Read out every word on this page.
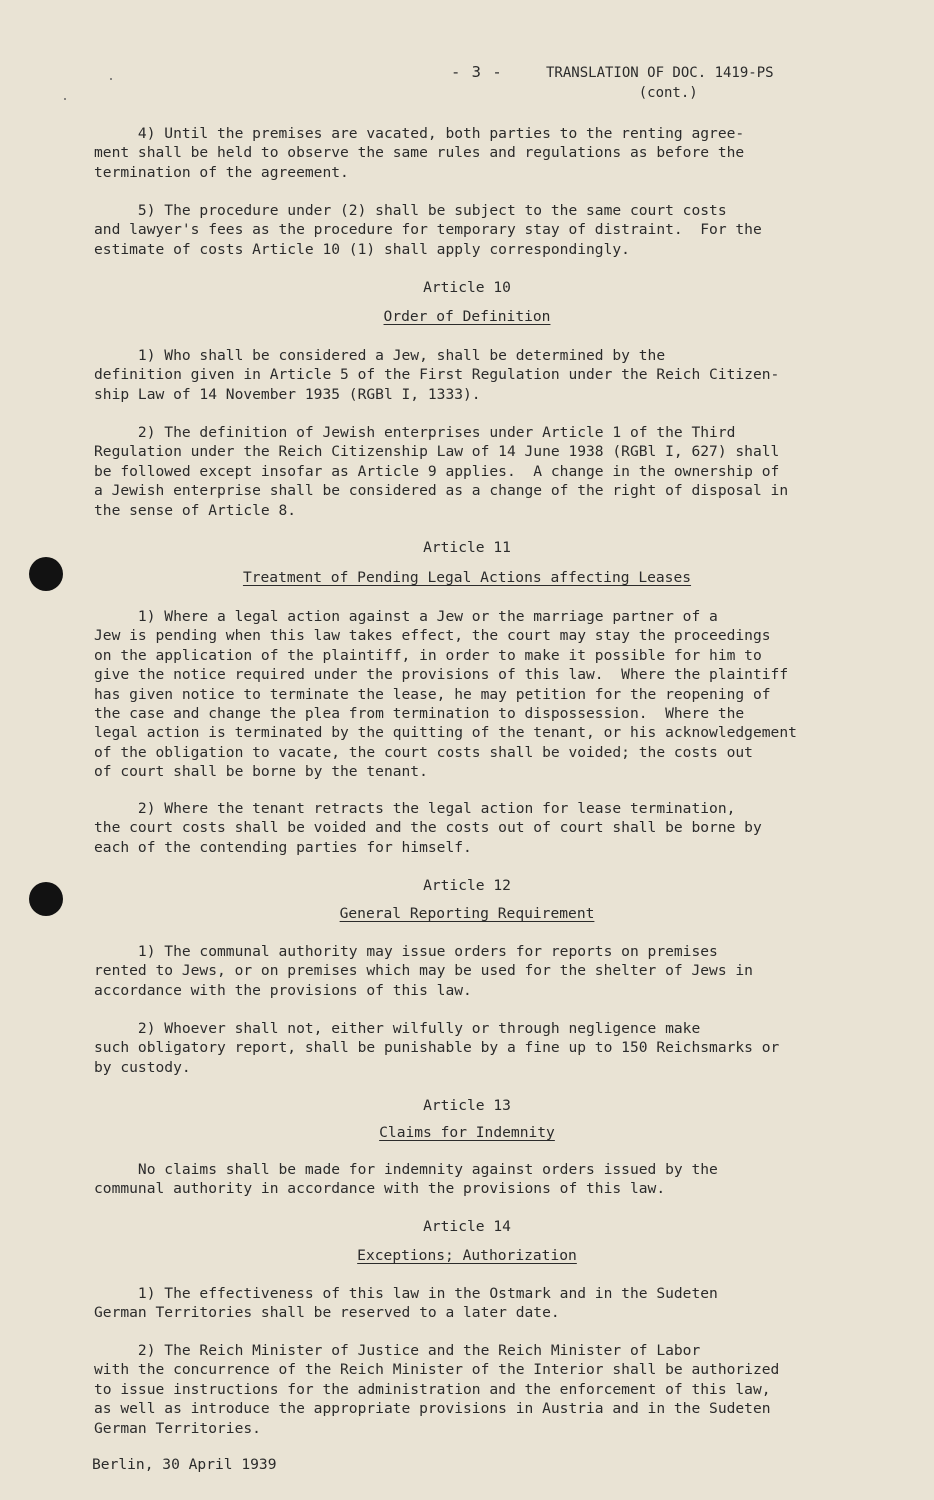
- 3 -	TRANSLATION OF DOC. 1419-PS
(cont.)
4) Until the premises are vacated, both parties to the renting agree-
ment shall be held to observe the same rules and regulations as before the
termination of the agreement.
5) The procedure under (2) shall be subject to the same court costs
and lawyer's fees as the procedure for temporary stay of distraint.  For the
estimate of costs Article 10 (1) shall apply correspondingly.
Article 10
Order of Definition
1) Who shall be considered a Jew, shall be determined by the
definition given in Article 5 of the First Regulation under the Reich Citizen-
ship Law of 14 November 1935 (RGBl I, 1333).
2) The definition of Jewish enterprises under Article 1 of the Third
Regulation under the Reich Citizenship Law of 14 June 1938 (RGBl I, 627) shall
be followed except insofar as Article 9 applies.  A change in the ownership of
a Jewish enterprise shall be considered as a change of the right of disposal in
the sense of Article 8.
Article 11
Treatment of Pending Legal Actions affecting Leases
1) Where a legal action against a Jew or the marriage partner of a
Jew is pending when this law takes effect, the court may stay the proceedings
on the application of the plaintiff, in order to make it possible for him to
give the notice required under the provisions of this law.  Where the plaintiff
has given notice to terminate the lease, he may petition for the reopening of
the case and change the plea from termination to dispossession.  Where the
legal action is terminated by the quitting of the tenant, or his acknowledgement
of the obligation to vacate, the court costs shall be voided; the costs out
of court shall be borne by the tenant.
2) Where the tenant retracts the legal action for lease termination,
the court costs shall be voided and the costs out of court shall be borne by
each of the contending parties for himself.
Article 12
General Reporting Requirement
1) The communal authority may issue orders for reports on premises
rented to Jews, or on premises which may be used for the shelter of Jews in
accordance with the provisions of this law.
2) Whoever shall not, either wilfully or through negligence make
such obligatory report, shall be punishable by a fine up to 150 Reichsmarks or
by custody.
Article 13
Claims for Indemnity
No claims shall be made for indemnity against orders issued by the
communal authority in accordance with the provisions of this law.
Article 14
Exceptions; Authorization
1) The effectiveness of this law in the Ostmark and in the Sudeten
German Territories shall be reserved to a later date.
2) The Reich Minister of Justice and the Reich Minister of Labor
with the concurrence of the Reich Minister of the Interior shall be authorized
to issue instructions for the administration and the enforcement of this law,
as well as introduce the appropriate provisions in Austria and in the Sudeten
German Territories.
Berlin, 30 April 1939
